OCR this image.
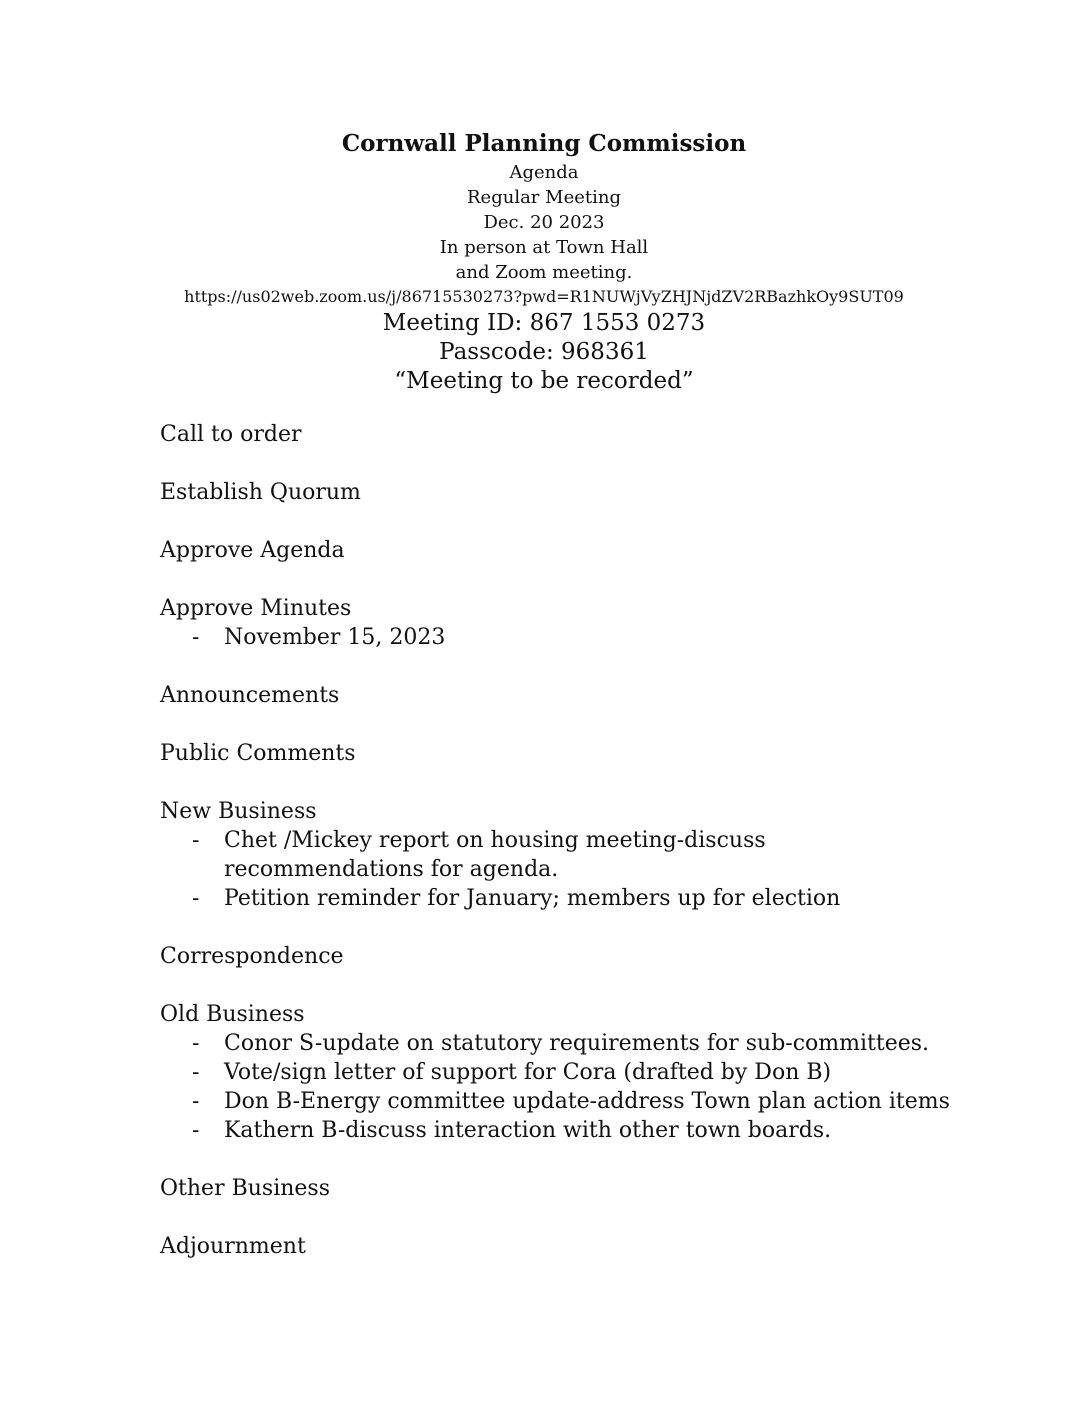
Cornwall Planning Commission

Agenda

Regular Meeting

Dec. 20 2023

In person at Town Hall

and Zoom meeting.

https://us02web.zoom.us/j/86715530273?pwd=R1NUWjVyZHJNjdZV2RBazhkOy9SUT09

Meeting ID: 867 1553 0273

Passcode: 968361

“Meeting to be recorded”

Call to order

Establish Quorum

Approve Agenda

Approve Minutes

- November 15, 2023

Announcements

Public Comments

New Business

- Chet /Mickey report on housing meeting-discuss

recommendations for agenda.

- Petition reminder for January; members up for election

Correspondence

Old Business

- Conor S-update on statutory requirements for sub-committees.

- Vote/sign letter of support for Cora (drafted by Don B)

- Don B-Energy committee update-address Town plan action items

- Kathern B-discuss interaction with other town boards.

Other Business

Adjournment
